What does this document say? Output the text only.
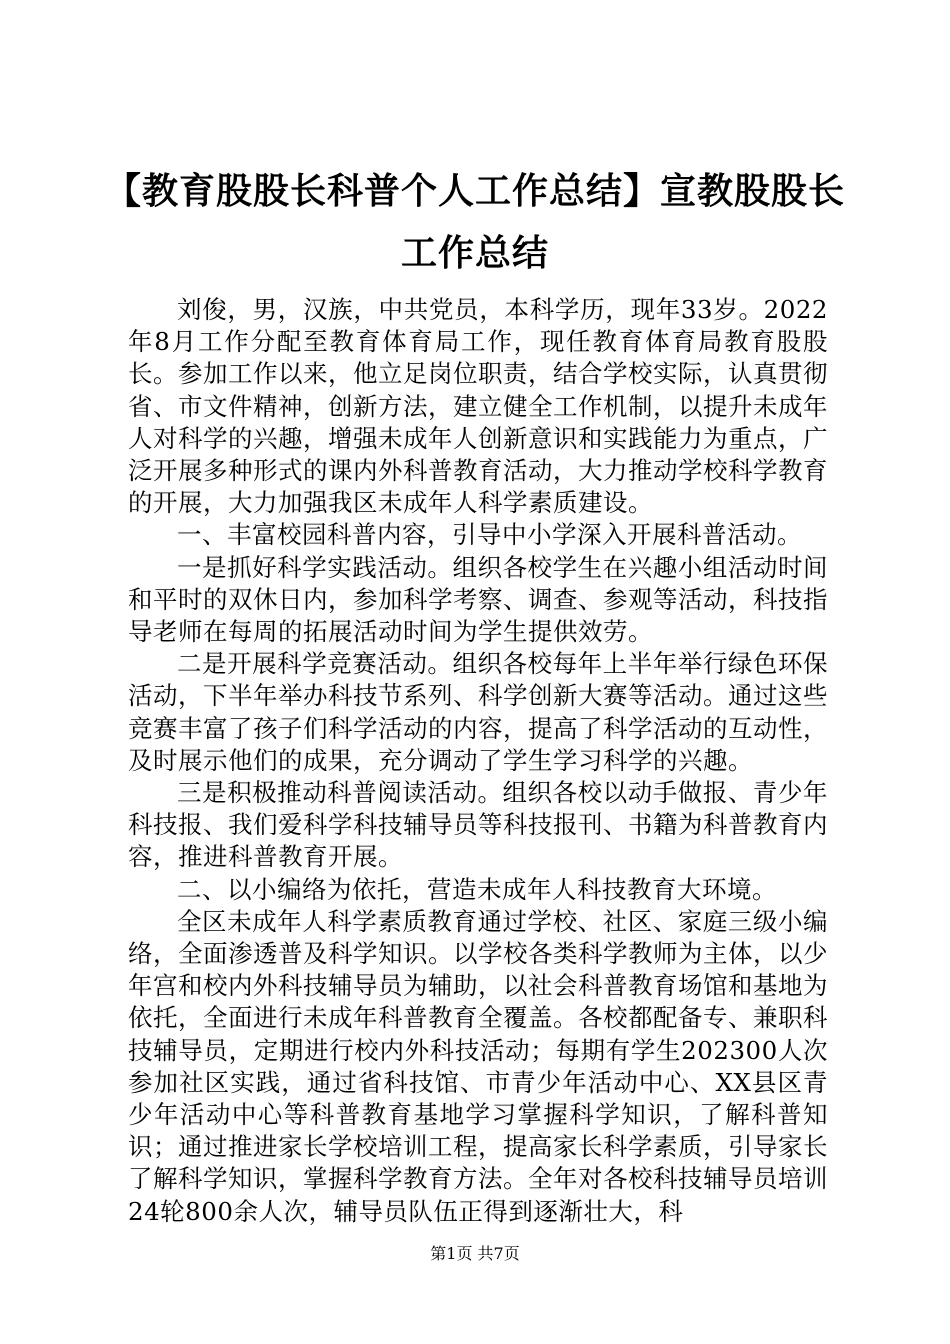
【教育股股长科普个人工作总结】宣教股股长工作总结

刘俊，男，汉族，中共党员，本科学历，现年33岁。2022年8月工作分配至教育体育局工作，现任教育体育局教育股股长。参加工作以来，他立足岗位职责，结合学校实际，认真贯彻省、市文件精神，创新方法，建立健全工作机制，以提升未成年人对科学的兴趣，增强未成年人创新意识和实践能力为重点，广泛开展多种形式的课内外科普教育活动，大力推动学校科学教育的开展，大力加强我区未成年人科学素质建设。

一、丰富校园科普内容，引导中小学深入开展科普活动。

一是抓好科学实践活动。组织各校学生在兴趣小组活动时间和平时的双休日内，参加科学考察、调查、参观等活动，科技指导老师在每周的拓展活动时间为学生提供效劳。

二是开展科学竞赛活动。组织各校每年上半年举行绿色环保活动，下半年举办科技节系列、科学创新大赛等活动。通过这些竞赛丰富了孩子们科学活动的内容，提高了科学活动的互动性，及时展示他们的成果，充分调动了学生学习科学的兴趣。

三是积极推动科普阅读活动。组织各校以动手做报、青少年科技报、我们爱科学科技辅导员等科技报刊、书籍为科普教育内容，推进科普教育开展。

二、以小编络为依托，营造未成年人科技教育大环境。

全区未成年人科学素质教育通过学校、社区、家庭三级小编络，全面渗透普及科学知识。以学校各类科学教师为主体，以少年宫和校内外科技辅导员为辅助，以社会科普教育场馆和基地为依托，全面进行未成年科普教育全覆盖。各校都配备专、兼职科技辅导员，定期进行校内外科技活动；每期有学生202300人次参加社区实践，通过省科技馆、市青少年活动中心、XX县区青少年活动中心等科普教育基地学习掌握科学知识，了解科普知识；通过推进家长学校培训工程，提高家长科学素质，引导家长了解科学知识，掌握科学教育方法。全年对各校科技辅导员培训24轮800余人次，辅导员队伍正得到逐渐壮大，科

第1页 共7页
